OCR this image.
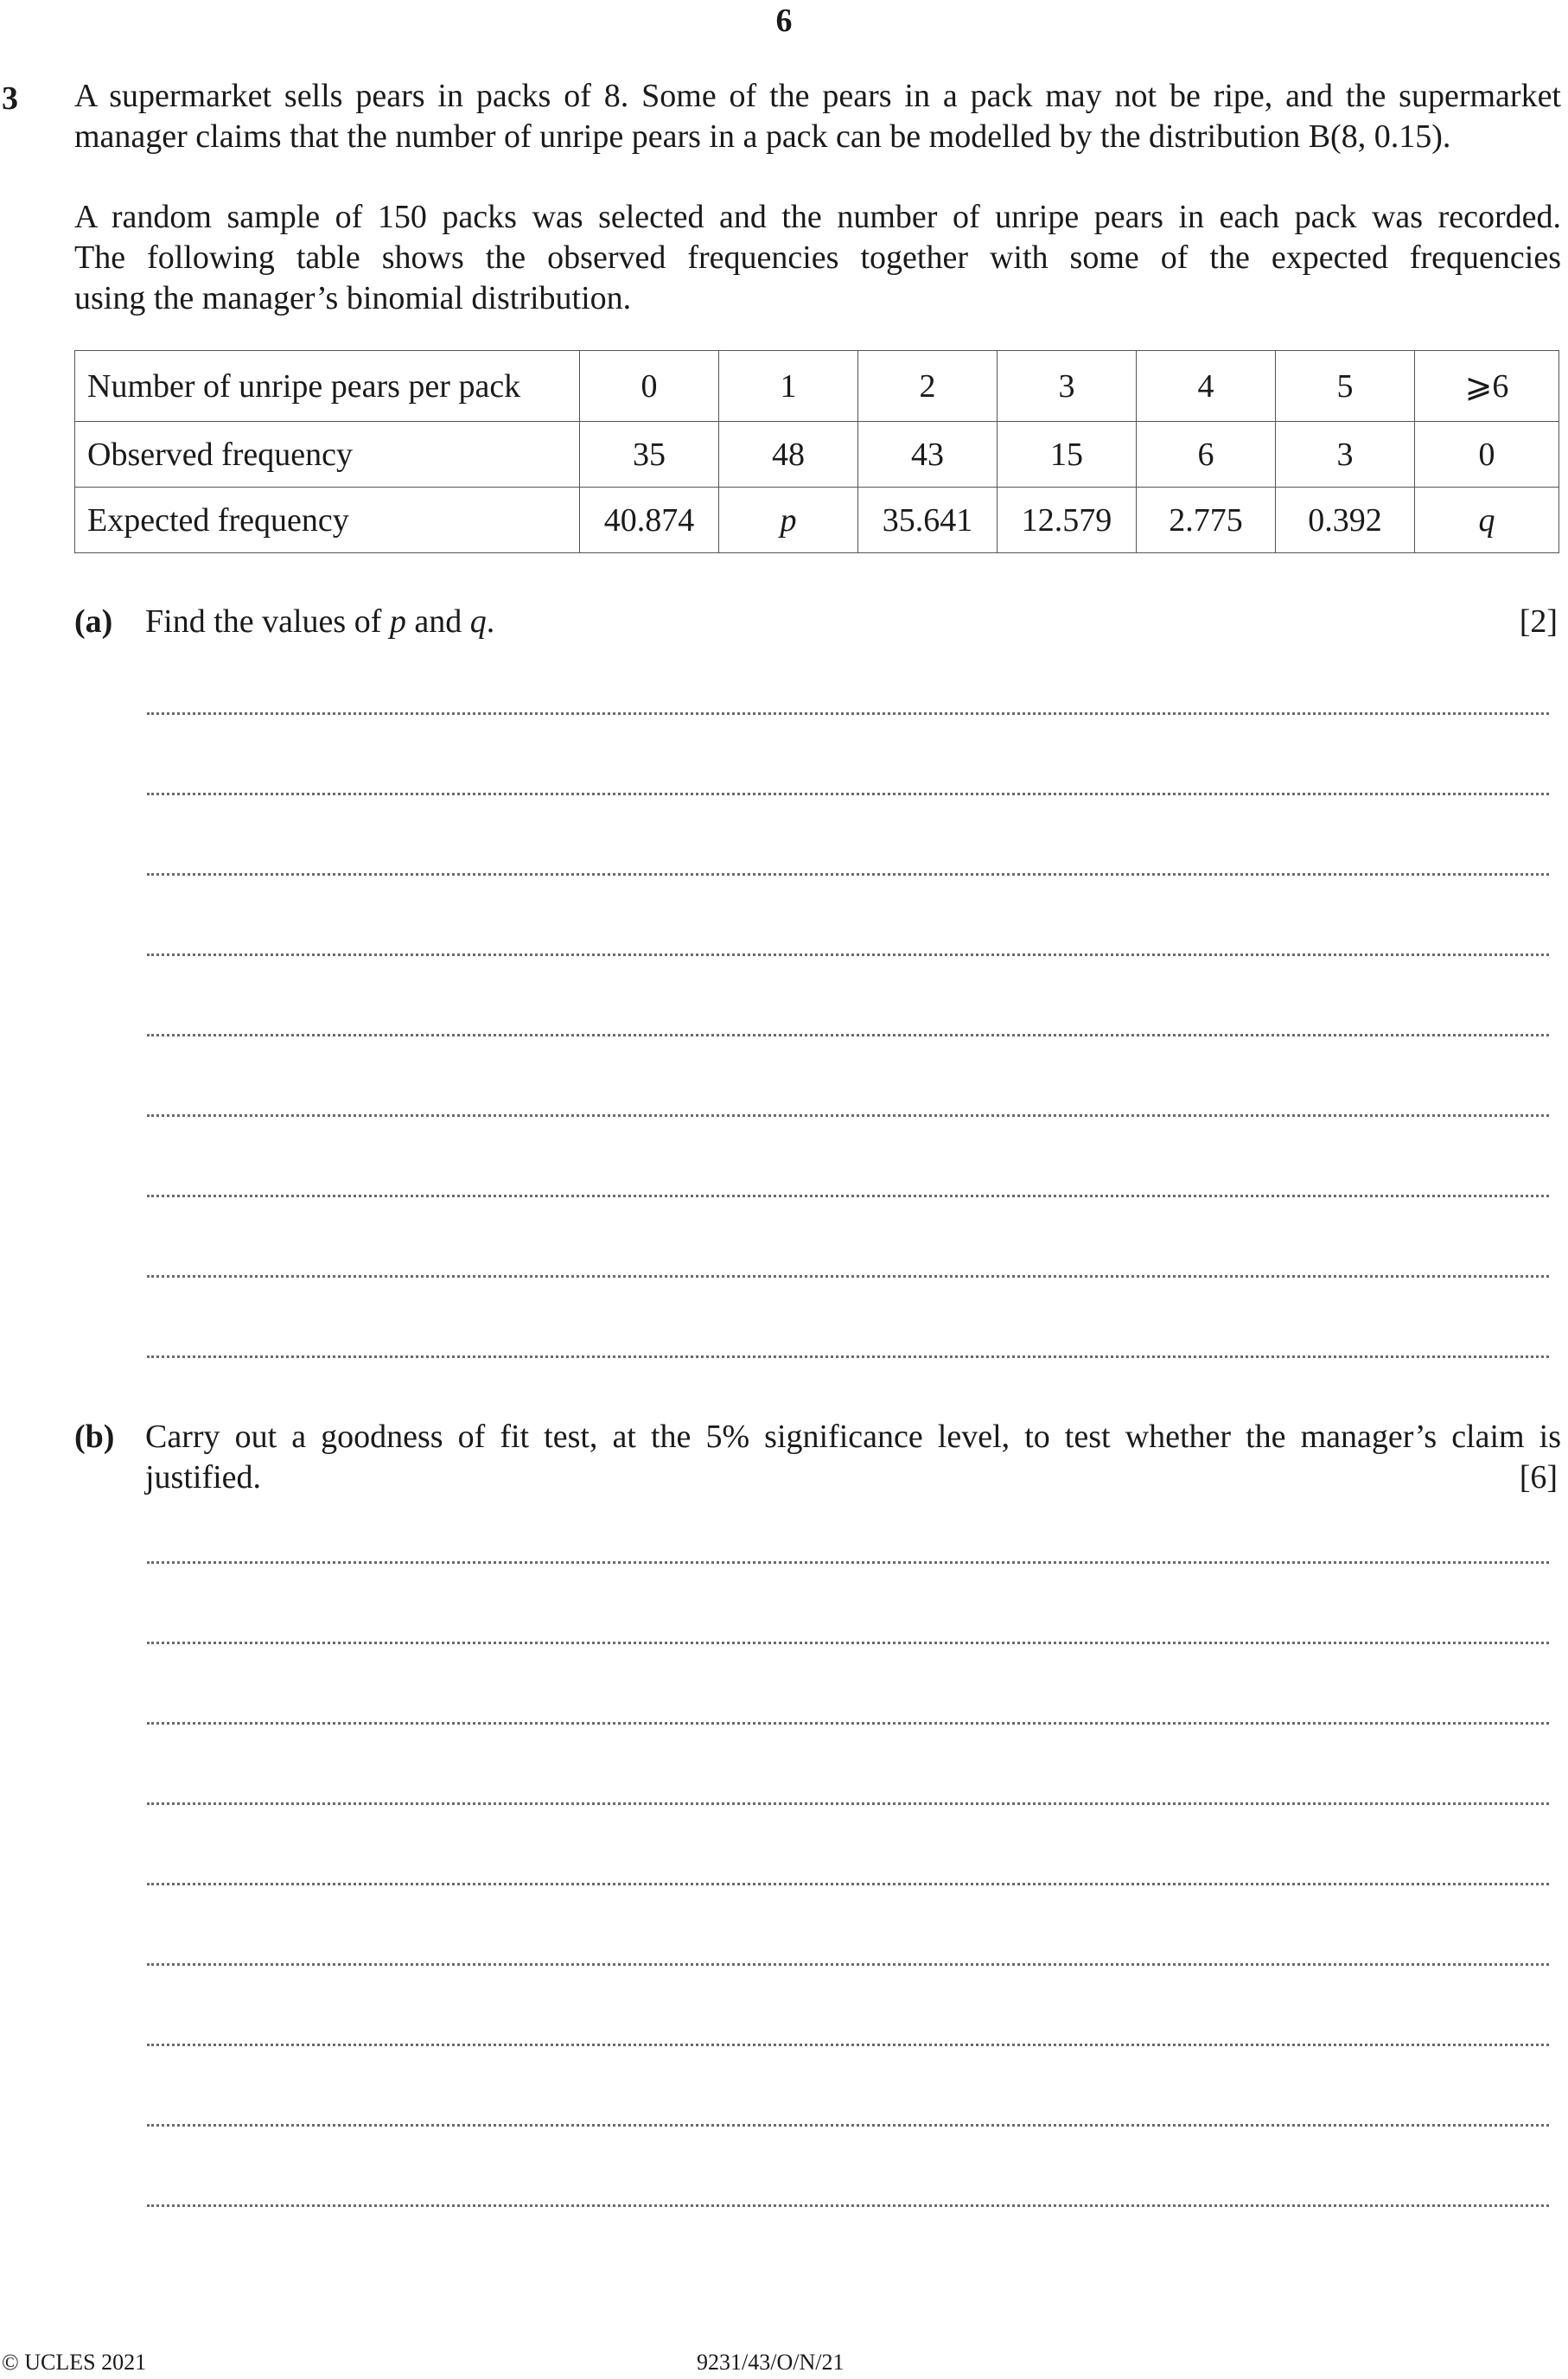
6
3 A supermarket sells pears in packs of 8. Some of the pears in a pack may not be ripe, and the supermarket
manager claims that the number of unripe pears in a pack can be modelled by the distribution B(8, 0.15).
A random sample of 150 packs was selected and the number of unripe pears in each pack was recorded.
The following table shows the observed frequencies together with some of the expected frequencies
using the manager’s binomial distribution.
Number of unripe pears per pack	0	1	2	3	4	5	⩾6
Observed frequency	35	48	43	15	6	3	0
Expected frequency	40.874	p	35.641	12.579	2.775	0.392	q
(a) Find the values of p and q.	[2]
(b) Carry out a goodness of fit test, at the 5% significance level, to test whether the manager’s claim is
justified.	[6]
© UCLES 2021	9231/43/O/N/21
